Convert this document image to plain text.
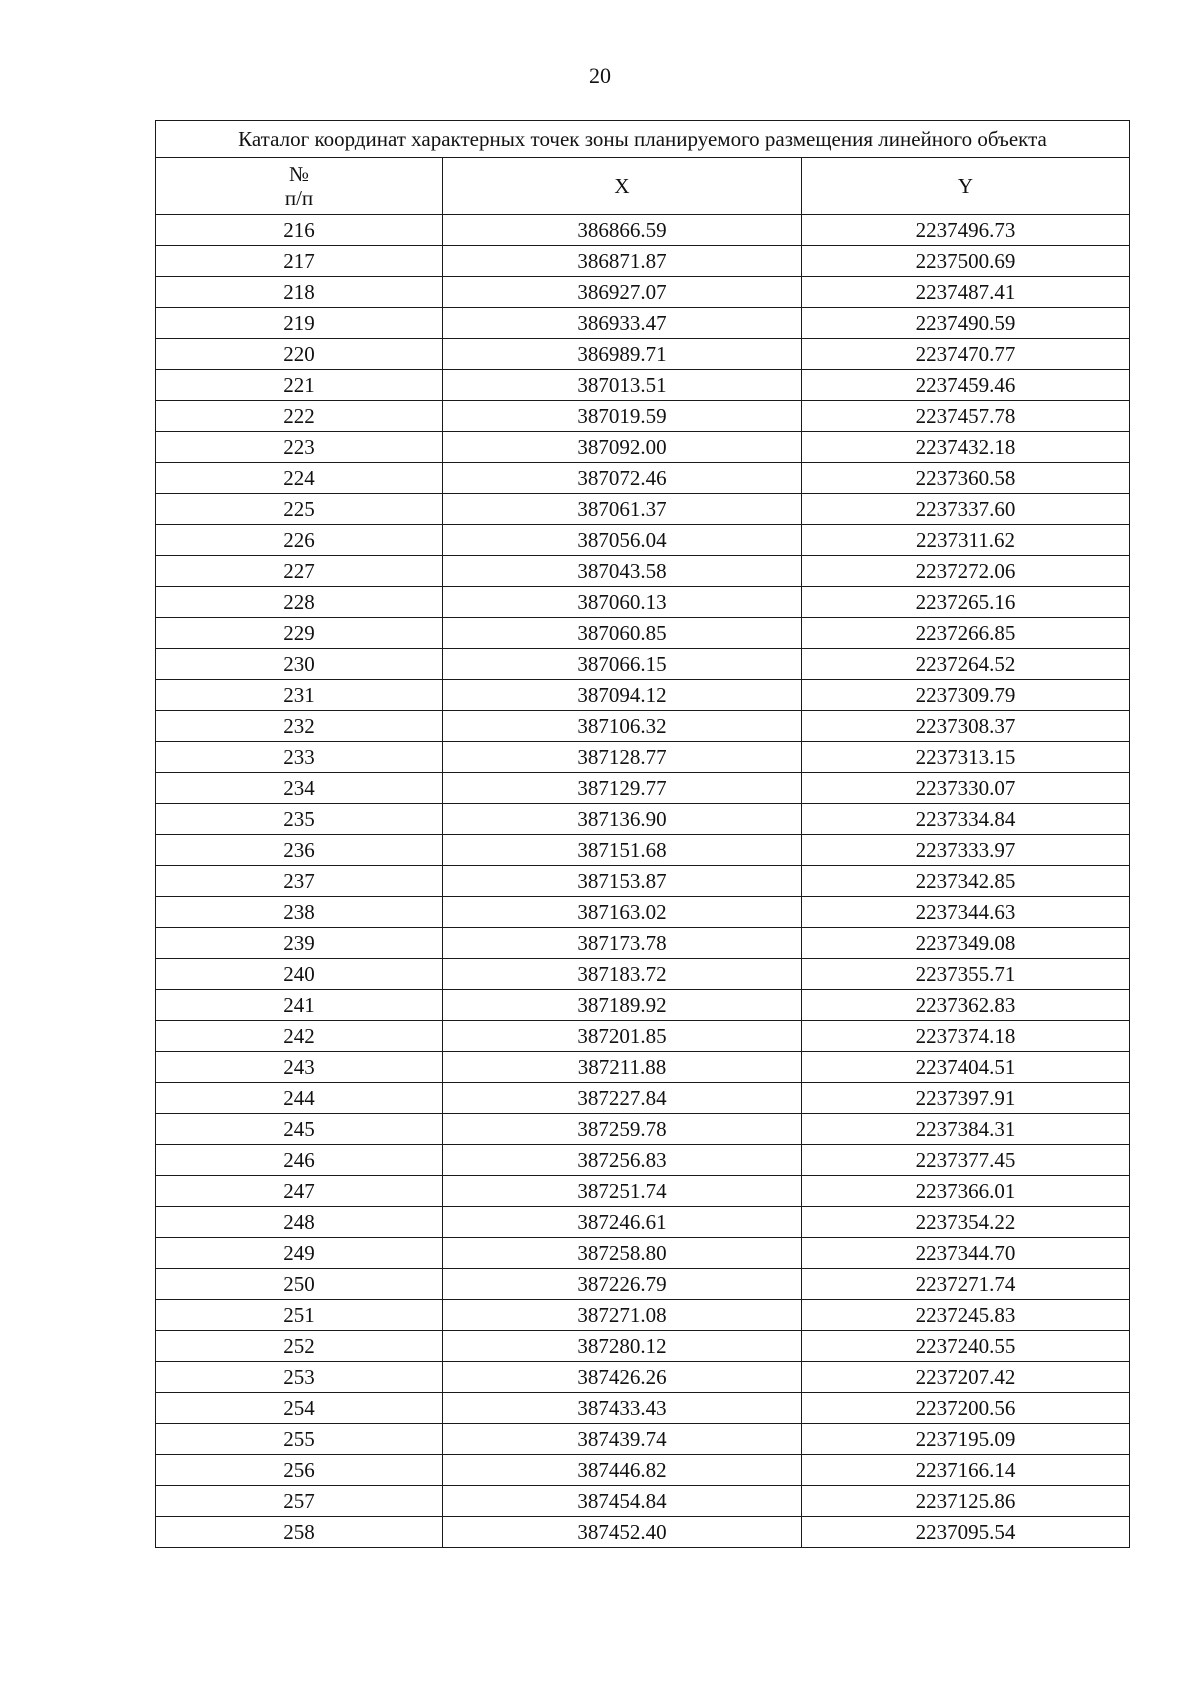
20
Каталог координат характерных точек зоны планируемого размещения линейного объекта		

№
п/п	X	Y
216	386866.59	2237496.73
217	386871.87	2237500.69
218	386927.07	2237487.41
219	386933.47	2237490.59
220	386989.71	2237470.77
221	387013.51	2237459.46
222	387019.59	2237457.78
223	387092.00	2237432.18
224	387072.46	2237360.58
225	387061.37	2237337.60
226	387056.04	2237311.62
227	387043.58	2237272.06
228	387060.13	2237265.16
229	387060.85	2237266.85
230	387066.15	2237264.52
231	387094.12	2237309.79
232	387106.32	2237308.37
233	387128.77	2237313.15
234	387129.77	2237330.07
235	387136.90	2237334.84
236	387151.68	2237333.97
237	387153.87	2237342.85
238	387163.02	2237344.63
239	387173.78	2237349.08
240	387183.72	2237355.71
241	387189.92	2237362.83
242	387201.85	2237374.18
243	387211.88	2237404.51
244	387227.84	2237397.91
245	387259.78	2237384.31
246	387256.83	2237377.45
247	387251.74	2237366.01
248	387246.61	2237354.22
249	387258.80	2237344.70
250	387226.79	2237271.74
251	387271.08	2237245.83
252	387280.12	2237240.55
253	387426.26	2237207.42
254	387433.43	2237200.56
255	387439.74	2237195.09
256	387446.82	2237166.14
257	387454.84	2237125.86
258	387452.40	2237095.54
